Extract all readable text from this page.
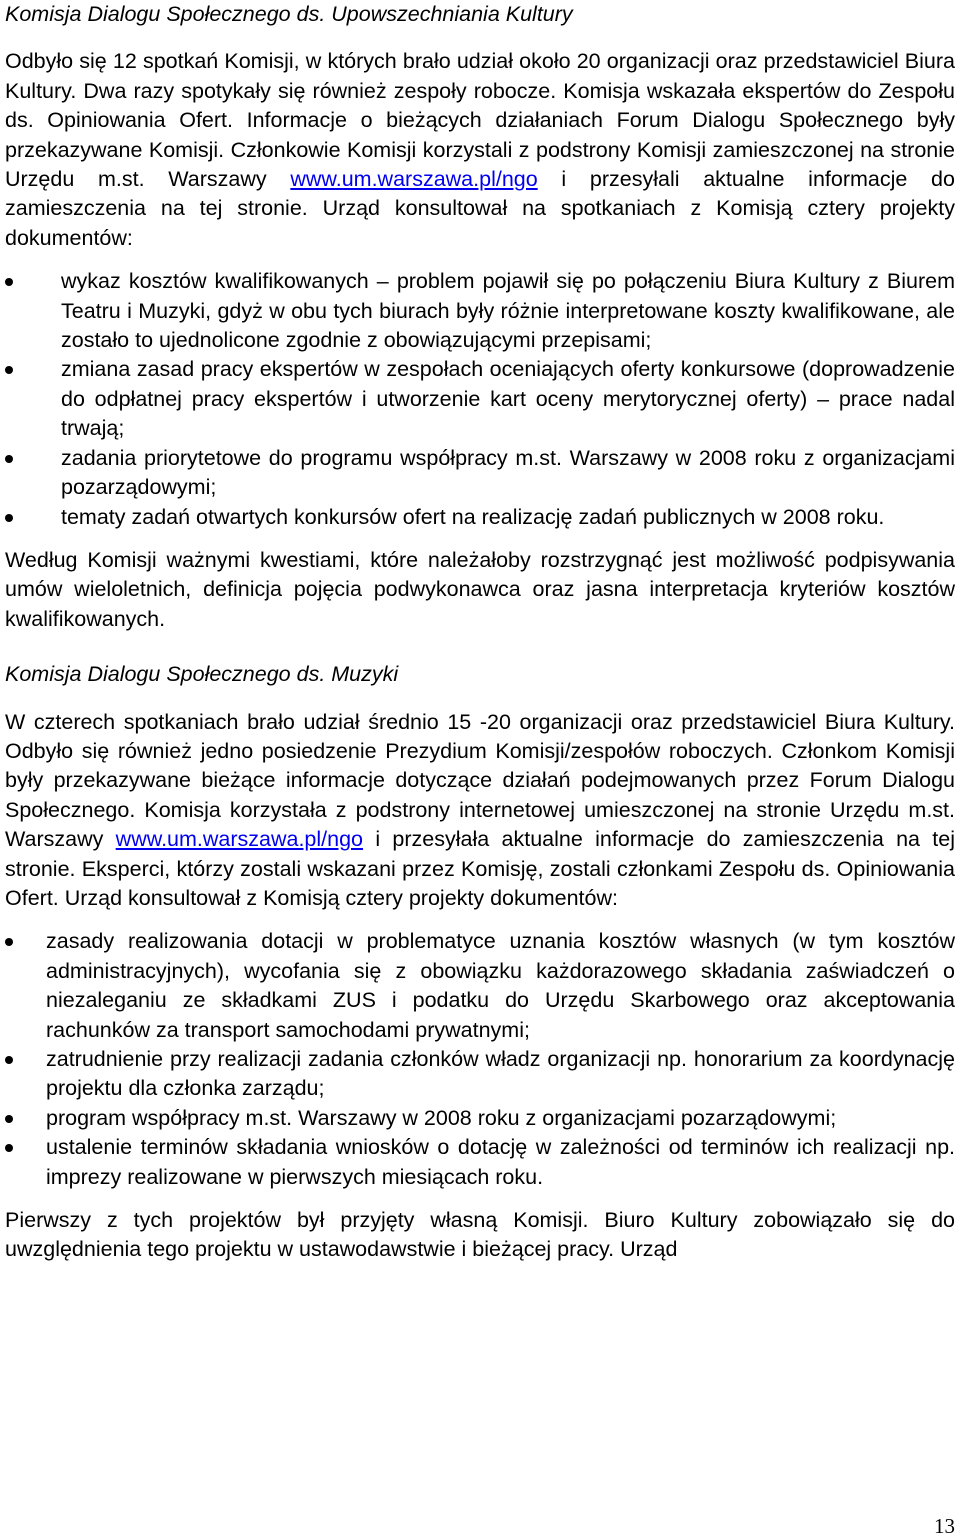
Komisja Dialogu Społecznego ds. Upowszechniania Kultury

Odbyło się 12 spotkań Komisji, w których brało udział około 20 organizacji oraz przedstawiciel Biura Kultury. Dwa razy spotykały się również zespoły robocze. Komisja wskazała ekspertów do Zespołu ds. Opiniowania Ofert. Informacje o bieżących działaniach Forum Dialogu Społecznego były przekazywane Komisji. Członkowie Komisji korzystali z podstrony Komisji zamieszczonej na stronie Urzędu m.st. Warszawy www.um.warszawa.pl/ngo i przesyłali aktualne informacje do zamieszczenia na tej stronie. Urząd konsultował na spotkaniach z Komisją cztery projekty dokumentów:

wykaz kosztów kwalifikowanych – problem pojawił się po połączeniu Biura Kultury z Biurem Teatru i Muzyki, gdyż w obu tych biurach były różnie interpretowane koszty kwalifikowane, ale zostało to ujednolicone zgodnie z obowiązującymi przepisami;
zmiana zasad pracy ekspertów w zespołach oceniających oferty konkursowe (doprowadzenie do odpłatnej pracy ekspertów i utworzenie kart oceny merytorycznej oferty) – prace nadal trwają;
zadania priorytetowe do programu współpracy m.st. Warszawy w 2008 roku z organizacjami pozarządowymi;
tematy zadań otwartych konkursów ofert na realizację zadań publicznych w 2008 roku.

Według Komisji ważnymi kwestiami, które należałoby rozstrzygnąć jest możliwość podpisywania umów wieloletnich, definicja pojęcia podwykonawca oraz jasna interpretacja kryteriów kosztów kwalifikowanych.

Komisja Dialogu Społecznego ds. Muzyki

W czterech spotkaniach brało udział średnio 15 -20 organizacji oraz przedstawiciel Biura Kultury. Odbyło się również jedno posiedzenie Prezydium Komisji/zespołów roboczych. Członkom Komisji były przekazywane bieżące informacje dotyczące działań podejmowanych przez Forum Dialogu Społecznego. Komisja korzystała z podstrony internetowej umieszczonej na stronie Urzędu m.st. Warszawy www.um.warszawa.pl/ngo i przesyłała aktualne informacje do zamieszczenia na tej stronie. Eksperci, którzy zostali wskazani przez Komisję, zostali członkami Zespołu ds. Opiniowania Ofert. Urząd konsultował z Komisją cztery projekty dokumentów:

zasady realizowania dotacji w problematyce uznania kosztów własnych (w tym kosztów administracyjnych), wycofania się z obowiązku każdorazowego składania zaświadczeń o niezaleganiu ze składkami ZUS i podatku do Urzędu Skarbowego oraz akceptowania rachunków za transport samochodami prywatnymi;
zatrudnienie przy realizacji zadania członków władz organizacji np. honorarium za koordynację projektu dla członka zarządu;
program współpracy m.st. Warszawy w 2008 roku z organizacjami pozarządowymi;
ustalenie terminów składania wniosków o dotację w zależności od terminów ich realizacji np. imprezy realizowane w pierwszych miesiącach roku.

Pierwszy z tych projektów był przyjęty własną Komisji. Biuro Kultury zobowiązało się do uwzględnienia tego projektu w ustawodawstwie i bieżącej pracy. Urząd

13
